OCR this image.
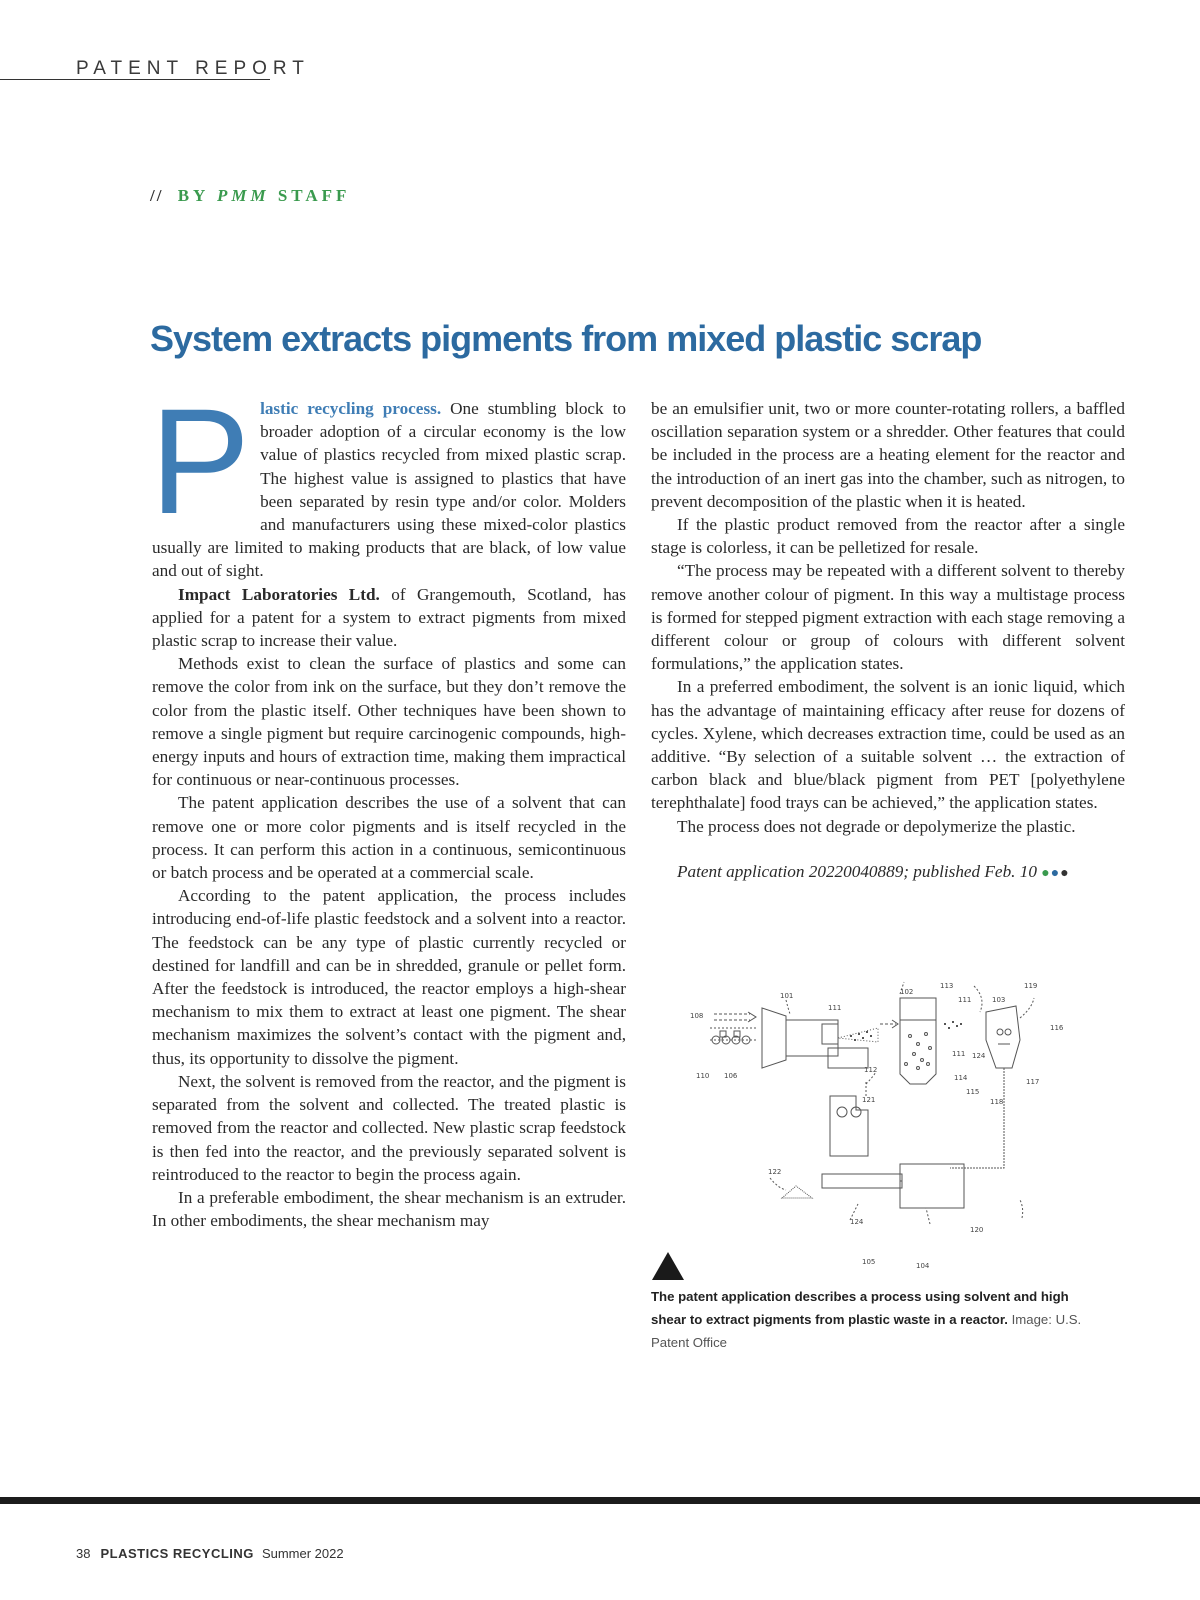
PATENT REPORT
// BY PMM STAFF
System extracts pigments from mixed plastic scrap

Plastic recycling process. One stumbling block to broader adoption of a circular economy is the low value of plastics recycled from mixed plastic scrap. The highest value is assigned to plastics that have been separated by resin type and/or color. Molders and manufacturers using these mixed-color plastics usually are limited to making products that are black, of low value and out of sight.

Impact Laboratories Ltd. of Grangemouth, Scotland, has applied for a patent for a system to extract pigments from mixed plastic scrap to increase their value.

Methods exist to clean the surface of plastics and some can remove the color from ink on the surface, but they don’t remove the color from the plastic itself. Other techniques have been shown to remove a single pigment but require carcinogenic compounds, high-energy inputs and hours of extraction time, making them impractical for continuous or near-continuous processes.

The patent application describes the use of a solvent that can remove one or more color pigments and is itself recycled in the process. It can perform this action in a continuous, semicontinuous or batch process and be operated at a commercial scale.

According to the patent application, the process includes introducing end-of-life plastic feedstock and a solvent into a reactor. The feedstock can be any type of plastic currently recycled or destined for landfill and can be in shredded, granule or pellet form. After the feedstock is introduced, the reactor employs a high-shear mechanism to mix them to extract at least one pigment. The shear mechanism maximizes the solvent’s contact with the pigment and, thus, its opportunity to dissolve the pigment.

Next, the solvent is removed from the reactor, and the pigment is separated from the solvent and collected. The treated plastic is removed from the reactor and collected. New plastic scrap feedstock is then fed into the reactor, and the previously separated solvent is reintroduced to the reactor to begin the process again.

In a preferable embodiment, the shear mechanism is an extruder. In other embodiments, the shear mechanism may

be an emulsifier unit, two or more counter-rotating rollers, a baffled oscillation separation system or a shredder. Other features that could be included in the process are a heating element for the reactor and the introduction of an inert gas into the chamber, such as nitrogen, to prevent decomposition of the plastic when it is heated.

If the plastic product removed from the reactor after a single stage is colorless, it can be pelletized for resale.

“The process may be repeated with a different solvent to thereby remove another colour of pigment. In this way a multistage process is formed for stepped pigment extraction with each stage removing a different colour or group of colours with different solvent formulations,” the application states.

In a preferred embodiment, the solvent is an ionic liquid, which has the advantage of maintaining efficacy after reuse for dozens of cycles. Xylene, which decreases extraction time, could be used as an additive. “By selection of a suitable solvent … the extraction of carbon black and blue/black pigment from PET [polyethylene terephthalate] food trays can be achieved,” the application states.

The process does not degrade or depolymerize the plastic.

Patent application 20220040889; published Feb. 10 ●●●

101	102
103
104
105
106
108
110
111
111
111
112
113
114
115
116
117
118
119
120
121
122
124
124
The patent application describes a process using solvent and high shear to extract pigments from plastic waste in a reactor. Image: U.S. Patent Office
38 PLASTICS RECYCLING Summer 2022
